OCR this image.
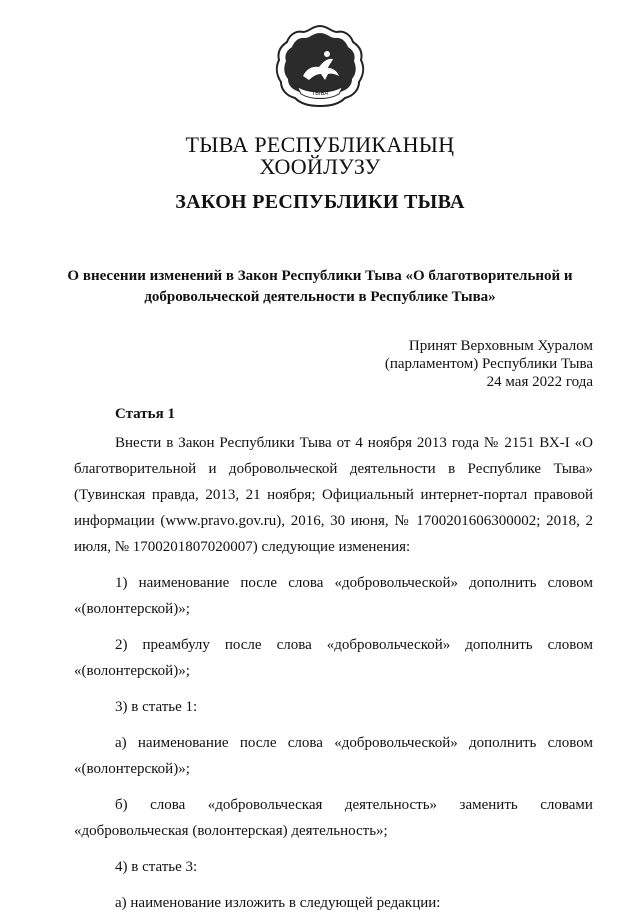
ТЫВА
ТЫВА РЕСПУБЛИКАНЫҢ
ХООЙЛУЗУ
ЗАКОН РЕСПУБЛИКИ ТЫВА
О внесении изменений в Закон Республики Тыва «О благотворительной и
добровольческой деятельности в Республике Тыва»
Принят Верховным Хуралом
(парламентом) Республики Тыва
24 мая 2022 года
Статья 1
Внести в Закон Республики Тыва от 4 ноября 2013 года № 2151 ВХ-I «О благотворительной и добровольческой деятельности в Республике Тыва» (Тувинская правда, 2013, 21 ноября; Официальный интернет-портал правовой информации (www.pravo.gov.ru), 2016, 30 июня, № 1700201606300002; 2018, 2 июля, № 1700201807020007) следующие изменения:
1) наименование после слова «добровольческой» дополнить словом
«(волонтерской)»;
2) преамбулу после слова «добровольческой» дополнить словом
«(волонтерской)»;
3) в статье 1:
а) наименование после слова «добровольческой» дополнить словом
«(волонтерской)»;
б) слова «добровольческая деятельность» заменить словами
«добровольческая (волонтерская) деятельность»;
4) в статье 3:
а) наименование изложить в следующей редакции:
